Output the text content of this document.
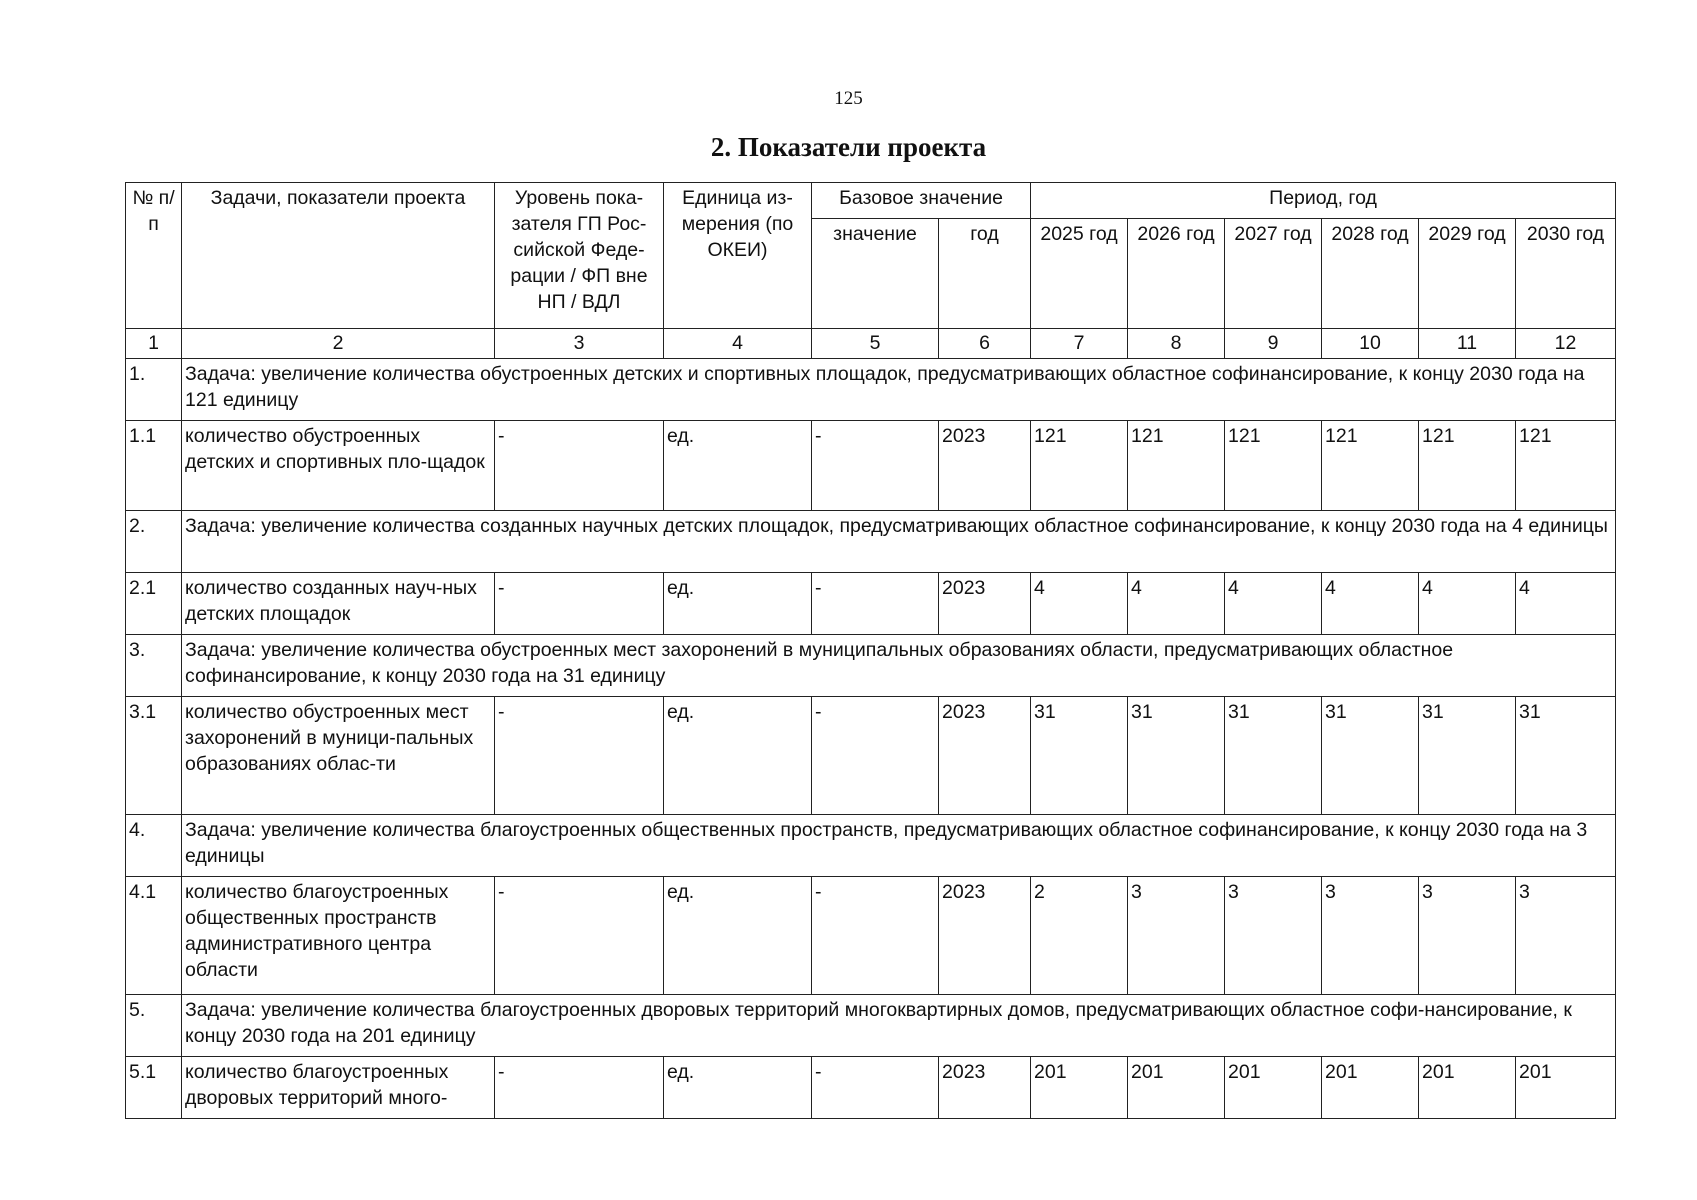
125
2. Показатели проекта
№ п/п	Задачи, показатели проекта	Уровень пока-зателя ГП Рос-сийской Феде-рации / ФП вне НП / ВДЛ	Единица из-мерения (по ОКЕИ)	Базовое значение		Период, год					
				значение	год	2025 год	2026 год	2027 год	2028 год	2029 год	2030 год
1	2	3	4	5	6	7	8	9	10	11	12
1.	Задача: увеличение количества обустроенных детских и спортивных площадок, предусматривающих областное софинансирование, к концу 2030 года на 121 единицу										
1.1	количество обустроенных детских и спортивных пло-щадок	-	ед.	-	2023	121	121	121	121	121	121
2.	Задача: увеличение количества созданных научных детских площадок, предусматривающих областное софинансирование, к концу 2030 года на 4 единицы										
2.1	количество созданных науч-ных детских площадок	-	ед.	-	2023	4	4	4	4	4	4
3.	Задача: увеличение количества обустроенных мест захоронений в муниципальных образованиях области, предусматривающих областное софинансирование, к концу 2030 года на 31 единицу										
3.1	количество обустроенных мест захоронений в муници-пальных образованиях облас-ти	-	ед.	-	2023	31	31	31	31	31	31
4.	Задача: увеличение количества благоустроенных общественных пространств, предусматривающих областное софинансирование, к концу 2030 года на 3 единицы										
4.1	количество благоустроенных общественных пространств административного центра области	-	ед.	-	2023	2	3	3	3	3	3
5.	Задача: увеличение количества благоустроенных дворовых территорий многоквартирных домов, предусматривающих областное софи-нансирование, к концу 2030 года на 201 единицу										
5.1	количество благоустроенных дворовых территорий много-	-	ед.	-	2023	201	201	201	201	201	201
